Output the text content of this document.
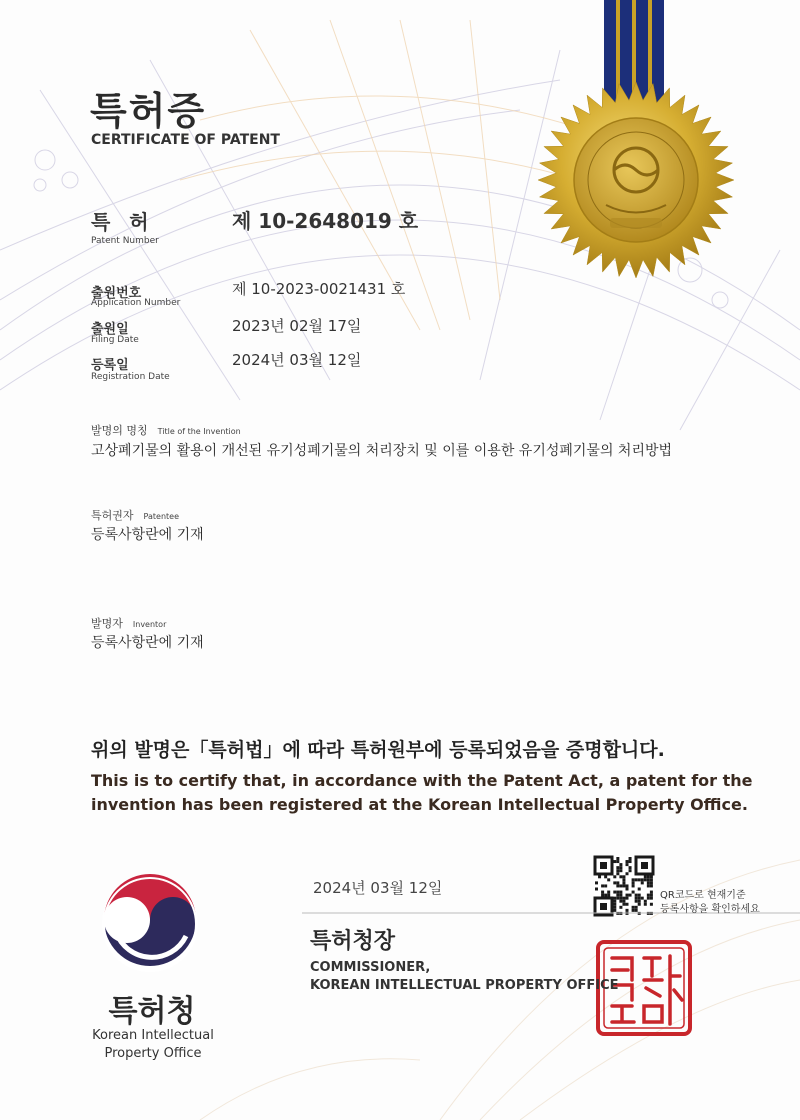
특허증
CERTIFICATE OF PATENT
특 허
Patent Number
제 10-2648019 호
출원번호
Application Number
제 10-2023-0021431 호
출원일
Filing Date
2023년 02월 17일
등록일
Registration Date
2024년 03월 12일
발명의 명칭 Title of the Invention
고상폐기물의 활용이 개선된 유기성폐기물의 처리장치 및 이를 이용한 유기성폐기물의 처리방법
특허권자 Patentee
등록사항란에 기재
발명자 Inventor
등록사항란에 기재
위의 발명은「특허법」에 따라 특허원부에 등록되었음을 증명합니다.
This is to certify that, in accordance with the Patent Act, a patent for the
invention has been registered at the Korean Intellectual Property Office.
2024년 03월 12일	QR코드로 현재기준
등록사항을 확인하세요
특허청장
COMMISSIONER,
KOREAN INTELLECTUAL PROPERTY OFFICE
특허청
Korean Intellectual
Property Office
